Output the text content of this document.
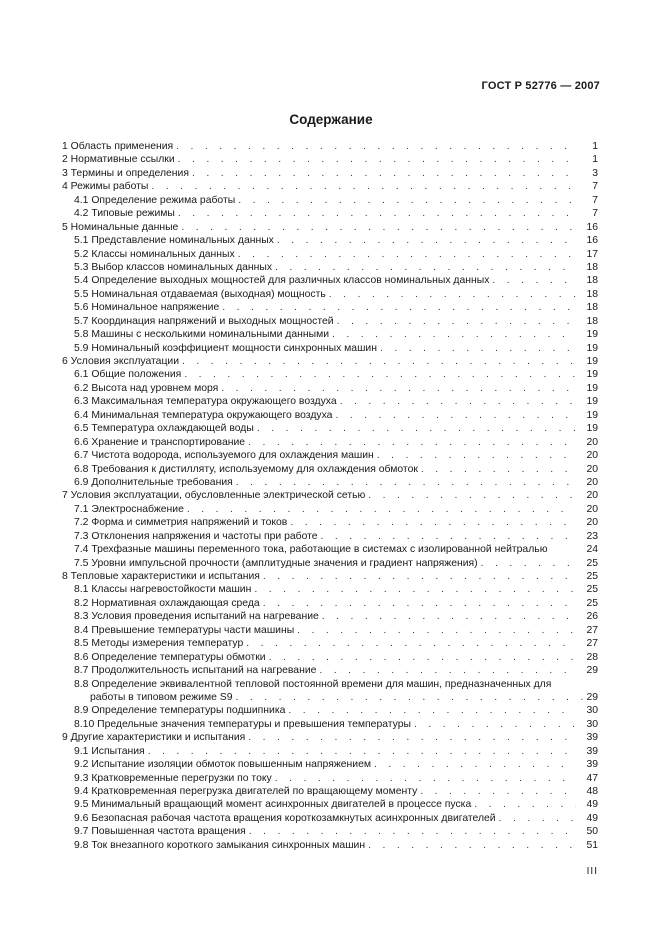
ГОСТ Р 52776 — 2007
Содержание
1 Область применения . . .	1
2 Нормативные ссылки . . .	1
3 Термины и определения . . .	3
4 Режимы работы . . .	7
4.1 Определение режима работы . . .	7
4.2 Типовые режимы . . .	7
5 Номинальные данные . . .	16
5.1 Представление номинальных данных . . .	16
5.2 Классы номинальных данных . . .	17
5.3 Выбор классов номинальных данных . . .	18
5.4 Определение выходных мощностей для различных классов номинальных данных . . .	18
5.5 Номинальная отдаваемая (выходная) мощность . . .	18
5.6 Номинальное напряжение . . .	18
5.7 Координация напряжений и выходных мощностей . . .	18
5.8 Машины с несколькими номинальными данными . . .	19
5.9 Номинальный коэффициент мощности синхронных машин . . .	19
6 Условия эксплуатации . . .	19
6.1 Общие положения . . .	19
6.2 Высота над уровнем моря . . .	19
6.3 Максимальная температура окружающего воздуха . . .	19
6.4 Минимальная температура окружающего воздуха . . .	19
6.5 Температура охлаждающей воды . . .	19
6.6 Хранение и транспортирование . . .	20
6.7 Чистота водорода, используемого для охлаждения машин . . .	20
6.8 Требования к дистилляту, используемому для охлаждения обмоток . . .	20
6.9 Дополнительные требования . . .	20
7 Условия эксплуатации, обусловленные электрической сетью . . .	20
7.1 Электроснабжение . . .	20
7.2 Форма и симметрия напряжений и токов . . .	20
7.3 Отклонения напряжения и частоты при работе . . .	23
7.4 Трехфазные машины переменного тока, работающие в системах с изолированной нейтралью	24
7.5 Уровни импульсной прочности (амплитудные значения и градиент напряжения) . . .	25
8 Тепловые характеристики и испытания . . .	25
8.1 Классы нагревостойкости машин . . .	25
8.2 Нормативная охлаждающая среда . . .	25
8.3 Условия проведения испытаний на нагревание . . .	26
8.4 Превышение температуры части машины . . .	27
8.5 Методы измерения температур . . .	27
8.6 Определение температуры обмотки . . .	28
8.7 Продолжительность испытаний на нагревание . . .	29
8.8 Определение эквивалентной тепловой постоянной времени для машин, предназначенных для
работы в типовом режиме S9 . . .	29
8.9 Определение температуры подшипника . . .	30
8.10 Предельные значения температуры и превышения температуры . . .	30
9 Другие характеристики и испытания . . .	39
9.1 Испытания . . .	39
9.2 Испытание изоляции обмоток повышенным напряжением . . .	39
9.3 Кратковременные перегрузки по току . . .	47
9.4 Кратковременная перегрузка двигателей по вращающему моменту . . .	48
9.5 Минимальный вращающий момент асинхронных двигателей в процессе пуска . . .	49
9.6 Безопасная рабочая частота вращения короткозамкнутых асинхронных двигателей . . .	49
9.7 Повышенная частота вращения . . .	50
9.8 Ток внезапного короткого замыкания синхронных машин . . .	51
III
